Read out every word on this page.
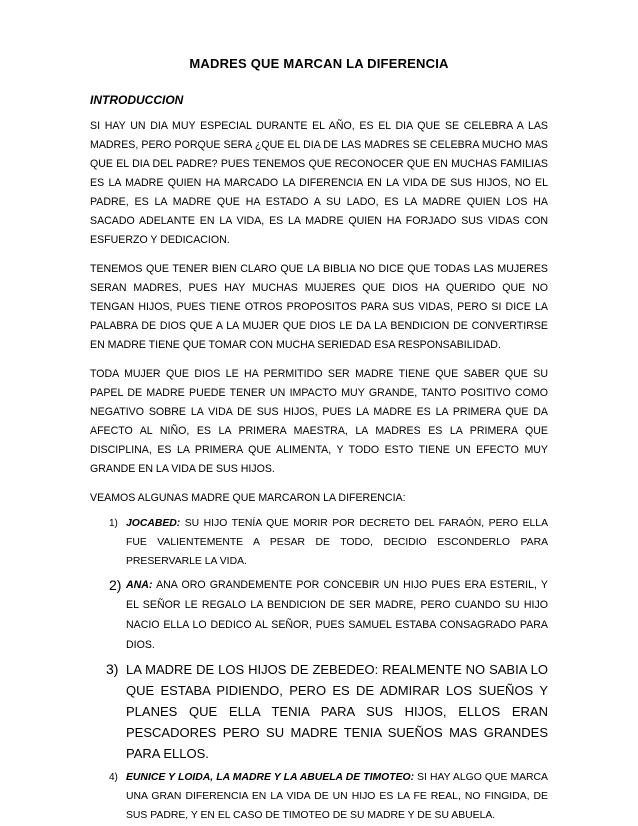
MADRES QUE MARCAN LA DIFERENCIA
INTRODUCCION

SI HAY UN DIA MUY ESPECIAL DURANTE EL AÑO, ES EL DIA QUE SE CELEBRA A LAS MADRES, PERO PORQUE SERA ¿QUE EL DIA DE LAS MADRES SE CELEBRA MUCHO MAS QUE EL DIA DEL PADRE? PUES TENEMOS QUE RECONOCER QUE EN MUCHAS FAMILIAS ES LA MADRE QUIEN HA MARCADO LA DIFERENCIA EN LA VIDA DE SUS HIJOS, NO EL PADRE, ES LA MADRE QUE HA ESTADO A SU LADO, ES LA MADRE QUIEN LOS HA SACADO ADELANTE EN LA VIDA, ES LA MADRE QUIEN HA FORJADO SUS VIDAS CON ESFUERZO Y DEDICACION.

TENEMOS QUE TENER BIEN CLARO QUE LA BIBLIA NO DICE QUE TODAS LAS MUJERES SERAN MADRES, PUES HAY MUCHAS MUJERES QUE DIOS HA QUERIDO QUE NO TENGAN HIJOS, PUES TIENE OTROS PROPOSITOS PARA SUS VIDAS, PERO SI DICE LA PALABRA DE DIOS QUE A LA MUJER QUE DIOS LE DA LA BENDICION DE CONVERTIRSE EN MADRE TIENE QUE TOMAR CON MUCHA SERIEDAD ESA RESPONSABILIDAD.

TODA MUJER QUE DIOS LE HA PERMITIDO SER MADRE TIENE QUE SABER QUE SU PAPEL DE MADRE PUEDE TENER UN IMPACTO MUY GRANDE, TANTO POSITIVO COMO NEGATIVO SOBRE LA VIDA DE SUS HIJOS, PUES LA MADRE ES LA PRIMERA QUE DA AFECTO AL NIÑO, ES LA PRIMERA MAESTRA, LA MADRES ES LA PRIMERA QUE DISCIPLINA, ES LA PRIMERA QUE ALIMENTA, Y TODO ESTO TIENE UN EFECTO MUY GRANDE EN LA VIDA DE SUS HIJOS.

VEAMOS ALGUNAS MADRE QUE MARCARON LA DIFERENCIA:

1) JOCABED: SU HIJO TENÍA QUE MORIR POR DECRETO DEL FARAÓN, PERO ELLA FUE VALIENTEMENTE A PESAR DE TODO, DECIDIO ESCONDERLO PARA PRESERVARLE LA VIDA.
2) ANA: ANA ORO GRANDEMENTE POR CONCEBIR UN HIJO PUES ERA ESTERIL, Y EL SEÑOR LE REGALO LA BENDICION DE SER MADRE, PERO CUANDO SU HIJO NACIO ELLA LO DEDICO AL SEÑOR, PUES SAMUEL ESTABA CONSAGRADO PARA DIOS.
3) LA MADRE DE LOS HIJOS DE ZEBEDEO: REALMENTE NO SABIA LO QUE ESTABA PIDIENDO, PERO ES DE ADMIRAR LOS SUEÑOS Y PLANES QUE ELLA TENIA PARA SUS HIJOS, ELLOS ERAN PESCADORES PERO SU MADRE TENIA SUEÑOS MAS GRANDES PARA ELLOS.
4) EUNICE Y LOIDA, LA MADRE Y LA ABUELA DE TIMOTEO: SI HAY ALGO QUE MARCA UNA GRAN DIFERENCIA EN LA VIDA DE UN HIJO ES LA FE REAL, NO FINGIDA, DE SUS PADRE, Y EN EL CASO DE TIMOTEO DE SU MADRE Y DE SU ABUELA.
